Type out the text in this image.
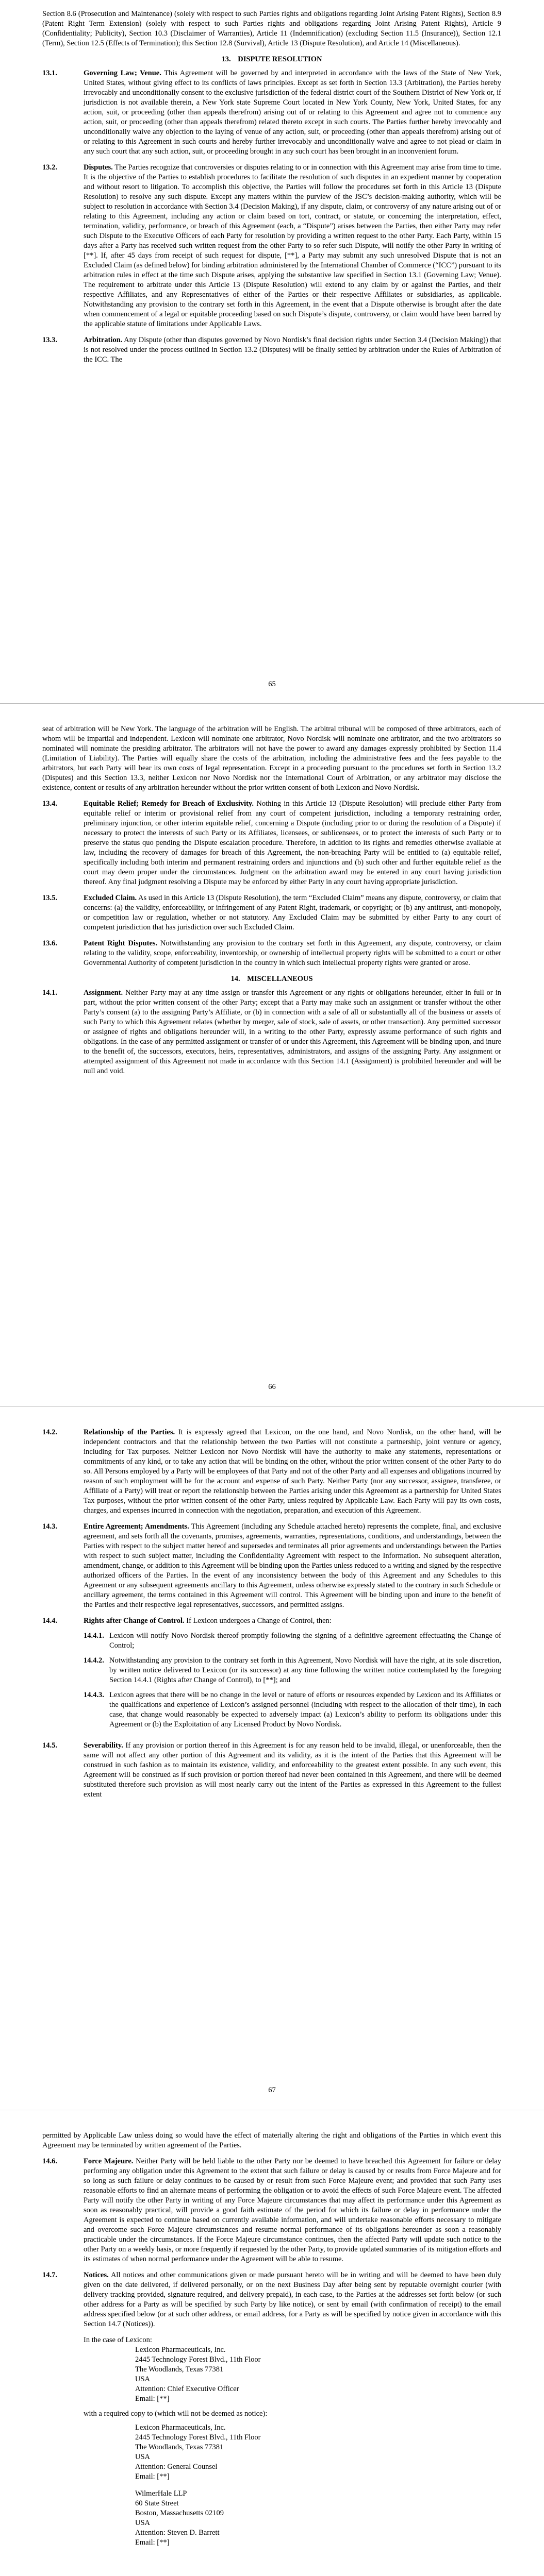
Section 8.6 (Prosecution and Maintenance) (solely with respect to such Parties rights and obligations regarding Joint Arising Patent Rights), Section 8.9 (Patent Right Term Extension) (solely with respect to such Parties rights and obligations regarding Joint Arising Patent Rights), Article 9 (Confidentiality; Publicity), Section 10.3 (Disclaimer of Warranties), Article 11 (Indemnification) (excluding Section 11.5 (Insurance)), Section 12.1 (Term), Section 12.5 (Effects of Termination); this Section 12.8 (Survival), Article 13 (Dispute Resolution), and Article 14 (Miscellaneous).

13. DISPUTE RESOLUTION
13.1.	Governing Law; Venue. This Agreement will be governed by and interpreted in accordance with the laws of the State of New York, United States, without giving effect to its conflicts of laws principles. Except as set forth in Section 13.3 (Arbitration), the Parties hereby irrevocably and unconditionally consent to the exclusive jurisdiction of the federal district court of the Southern District of New York or, if jurisdiction is not available therein, a New York state Supreme Court located in New York County, New York, United States, for any action, suit, or proceeding (other than appeals therefrom) arising out of or relating to this Agreement and agree not to commence any action, suit, or proceeding (other than appeals therefrom) related thereto except in such courts. The Parties further hereby irrevocably and unconditionally waive any objection to the laying of venue of any action, suit, or proceeding (other than appeals therefrom) arising out of or relating to this Agreement in such courts and hereby further irrevocably and unconditionally waive and agree to not plead or claim in any such court that any such action, suit, or proceeding brought in any such court has been brought in an inconvenient forum.
13.2.	Disputes. The Parties recognize that controversies or disputes relating to or in connection with this Agreement may arise from time to time. It is the objective of the Parties to establish procedures to facilitate the resolution of such disputes in an expedient manner by cooperation and without resort to litigation. To accomplish this objective, the Parties will follow the procedures set forth in this Article 13 (Dispute Resolution) to resolve any such dispute. Except any matters within the purview of the JSC’s decision-making authority, which will be subject to resolution in accordance with Section 3.4 (Decision Making), if any dispute, claim, or controversy of any nature arising out of or relating to this Agreement, including any action or claim based on tort, contract, or statute, or concerning the interpretation, effect, termination, validity, performance, or breach of this Agreement (each, a “Dispute”) arises between the Parties, then either Party may refer such Dispute to the Executive Officers of each Party for resolution by providing a written request to the other Party. Each Party, within 15 days after a Party has received such written request from the other Party to so refer such Dispute, will notify the other Party in writing of [**]. If, after 45 days from receipt of such request for dispute, [**], a Party may submit any such unresolved Dispute that is not an Excluded Claim (as defined below) for binding arbitration administered by the International Chamber of Commerce (“ICC”) pursuant to its arbitration rules in effect at the time such Dispute arises, applying the substantive law specified in Section 13.1 (Governing Law; Venue). The requirement to arbitrate under this Article 13 (Dispute Resolution) will extend to any claim by or against the Parties, and their respective Affiliates, and any Representatives of either of the Parties or their respective Affiliates or subsidiaries, as applicable. Notwithstanding any provision to the contrary set forth in this Agreement, in the event that a Dispute otherwise is brought after the date when commencement of a legal or equitable proceeding based on such Dispute’s dispute, controversy, or claim would have been barred by the applicable statute of limitations under Applicable Laws.
13.3.	Arbitration. Any Dispute (other than disputes governed by Novo Nordisk’s final decision rights under Section 3.4 (Decision Making)) that is not resolved under the process outlined in Section 13.2 (Disputes) will be finally settled by arbitration under the Rules of Arbitration of the ICC. The
65

seat of arbitration will be New York. The language of the arbitration will be English. The arbitral tribunal will be composed of three arbitrators, each of whom will be impartial and independent. Lexicon will nominate one arbitrator, Novo Nordisk will nominate one arbitrator, and the two arbitrators so nominated will nominate the presiding arbitrator. The arbitrators will not have the power to award any damages expressly prohibited by Section 11.4 (Limitation of Liability). The Parties will equally share the costs of the arbitration, including the administrative fees and the fees payable to the arbitrators, but each Party will bear its own costs of legal representation. Except in a proceeding pursuant to the procedures set forth in Section 13.2 (Disputes) and this Section 13.3, neither Lexicon nor Novo Nordisk nor the International Court of Arbitration, or any arbitrator may disclose the existence, content or results of any arbitration hereunder without the prior written consent of both Lexicon and Novo Nordisk.

13.4.	Equitable Relief; Remedy for Breach of Exclusivity. Nothing in this Article 13 (Dispute Resolution) will preclude either Party from equitable relief or interim or provisional relief from any court of competent jurisdiction, including a temporary restraining order, preliminary injunction, or other interim equitable relief, concerning a Dispute (including prior to or during the resolution of a Dispute) if necessary to protect the interests of such Party or its Affiliates, licensees, or sublicensees, or to protect the interests of such Party or to preserve the status quo pending the Dispute escalation procedure. Therefore, in addition to its rights and remedies otherwise available at law, including the recovery of damages for breach of this Agreement, the non-breaching Party will be entitled to (a) equitable relief, specifically including both interim and permanent restraining orders and injunctions and (b) such other and further equitable relief as the court may deem proper under the circumstances. Judgment on the arbitration award may be entered in any court having jurisdiction thereof. Any final judgment resolving a Dispute may be enforced by either Party in any court having appropriate jurisdiction.
13.5.	Excluded Claim. As used in this Article 13 (Dispute Resolution), the term “Excluded Claim” means any dispute, controversy, or claim that concerns: (a) the validity, enforceability, or infringement of any Patent Right, trademark, or copyright; or (b) any antitrust, anti-monopoly, or competition law or regulation, whether or not statutory. Any Excluded Claim may be submitted by either Party to any court of competent jurisdiction that has jurisdiction over such Excluded Claim.
13.6.	Patent Right Disputes. Notwithstanding any provision to the contrary set forth in this Agreement, any dispute, controversy, or claim relating to the validity, scope, enforceability, inventorship, or ownership of intellectual property rights will be submitted to a court or other Governmental Authority of competent jurisdiction in the country in which such intellectual property rights were granted or arose.
14. MISCELLANEOUS
14.1.	Assignment. Neither Party may at any time assign or transfer this Agreement or any rights or obligations hereunder, either in full or in part, without the prior written consent of the other Party; except that a Party may make such an assignment or transfer without the other Party’s consent (a) to the assigning Party’s Affiliate, or (b) in connection with a sale of all or substantially all of the business or assets of such Party to which this Agreement relates (whether by merger, sale of stock, sale of assets, or other transaction). Any permitted successor or assignee of rights and obligations hereunder will, in a writing to the other Party, expressly assume performance of such rights and obligations. In the case of any permitted assignment or transfer of or under this Agreement, this Agreement will be binding upon, and inure to the benefit of, the successors, executors, heirs, representatives, administrators, and assigns of the assigning Party. Any assignment or attempted assignment of this Agreement not made in accordance with this Section 14.1 (Assignment) is prohibited hereunder and will be null and void.
66
14.2.	Relationship of the Parties. It is expressly agreed that Lexicon, on the one hand, and Novo Nordisk, on the other hand, will be independent contractors and that the relationship between the two Parties will not constitute a partnership, joint venture or agency, including for Tax purposes. Neither Lexicon nor Novo Nordisk will have the authority to make any statements, representations or commitments of any kind, or to take any action that will be binding on the other, without the prior written consent of the other Party to do so. All Persons employed by a Party will be employees of that Party and not of the other Party and all expenses and obligations incurred by reason of such employment will be for the account and expense of such Party. Neither Party (nor any successor, assignee, transferee, or Affiliate of a Party) will treat or report the relationship between the Parties arising under this Agreement as a partnership for United States Tax purposes, without the prior written consent of the other Party, unless required by Applicable Law. Each Party will pay its own costs, charges, and expenses incurred in connection with the negotiation, preparation, and execution of this Agreement.
14.3.	Entire Agreement; Amendments. This Agreement (including any Schedule attached hereto) represents the complete, final, and exclusive agreement, and sets forth all the covenants, promises, agreements, warranties, representations, conditions, and understandings, between the Parties with respect to the subject matter hereof and supersedes and terminates all prior agreements and understandings between the Parties with respect to such subject matter, including the Confidentiality Agreement with respect to the Information. No subsequent alteration, amendment, change, or addition to this Agreement will be binding upon the Parties unless reduced to a writing and signed by the respective authorized officers of the Parties. In the event of any inconsistency between the body of this Agreement and any Schedules to this Agreement or any subsequent agreements ancillary to this Agreement, unless otherwise expressly stated to the contrary in such Schedule or ancillary agreement, the terms contained in this Agreement will control. This Agreement will be binding upon and inure to the benefit of the Parties and their respective legal representatives, successors, and permitted assigns.
14.4.	Rights after Change of Control. If Lexicon undergoes a Change of Control, then:
14.4.1. Lexicon will notify Novo Nordisk thereof promptly following the signing of a definitive agreement effectuating the Change of Control;
14.4.2. Notwithstanding any provision to the contrary set forth in this Agreement, Novo Nordisk will have the right, at its sole discretion, by written notice delivered to Lexicon (or its successor) at any time following the written notice contemplated by the foregoing Section 14.4.1 (Rights after Change of Control), to [**]; and
14.4.3. Lexicon agrees that there will be no change in the level or nature of efforts or resources expended by Lexicon and its Affiliates or the qualifications and experience of Lexicon’s assigned personnel (including with respect to the allocation of their time), in each case, that change would reasonably be expected to adversely impact (a) Lexicon’s ability to perform its obligations under this Agreement or (b) the Exploitation of any Licensed Product by Novo Nordisk.
14.5.	Severability. If any provision or portion thereof in this Agreement is for any reason held to be invalid, illegal, or unenforceable, then the same will not affect any other portion of this Agreement and its validity, as it is the intent of the Parties that this Agreement will be construed in such fashion as to maintain its existence, validity, and enforceability to the greatest extent possible. In any such event, this Agreement will be construed as if such provision or portion thereof had never been contained in this Agreement, and there will be deemed substituted therefore such provision as will most nearly carry out the intent of the Parties as expressed in this Agreement to the fullest extent
67

permitted by Applicable Law unless doing so would have the effect of materially altering the right and obligations of the Parties in which event this Agreement may be terminated by written agreement of the Parties.

14.6.	Force Majeure. Neither Party will be held liable to the other Party nor be deemed to have breached this Agreement for failure or delay performing any obligation under this Agreement to the extent that such failure or delay is caused by or results from Force Majeure and for so long as such failure or delay continues to be caused by or result from such Force Majeure event; and provided that such Party uses reasonable efforts to find an alternate means of performing the obligation or to avoid the effects of such Force Majeure event. The affected Party will notify the other Party in writing of any Force Majeure circumstances that may affect its performance under this Agreement as soon as reasonably practical, will provide a good faith estimate of the period for which its failure or delay in performance under the Agreement is expected to continue based on currently available information, and will undertake reasonable efforts necessary to mitigate and overcome such Force Majeure circumstances and resume normal performance of its obligations hereunder as soon a reasonably practicable under the circumstances. If the Force Majeure circumstance continues, then the affected Party will update such notice to the other Party on a weekly basis, or more frequently if requested by the other Party, to provide updated summaries of its mitigation efforts and its estimates of when normal performance under the Agreement will be able to resume.
14.7.	Notices. All notices and other communications given or made pursuant hereto will be in writing and will be deemed to have been duly given on the date delivered, if delivered personally, or on the next Business Day after being sent by reputable overnight courier (with delivery tracking provided, signature required, and delivery prepaid), in each case, to the Parties at the addresses set forth below (or such other address for a Party as will be specified by such Party by like notice), or sent by email (with confirmation of receipt) to the email address specified below (or at such other address, or email address, for a Party as will be specified by notice given in accordance with this Section 14.7 (Notices)).
In the case of Lexicon:
Lexicon Pharmaceuticals, Inc.
2445 Technology Forest Blvd., 11th Floor
The Woodlands, Texas 77381
USA
Attention: Chief Executive Officer
Email: [**]
with a required copy to (which will not be deemed as notice):
Lexicon Pharmaceuticals, Inc.
2445 Technology Forest Blvd., 11th Floor
The Woodlands, Texas 77381
USA
Attention: General Counsel
Email: [**]
WilmerHale LLP
60 State Street
Boston, Massachusetts 02109
USA
Attention: Steven D. Barrett
Email: [**]
